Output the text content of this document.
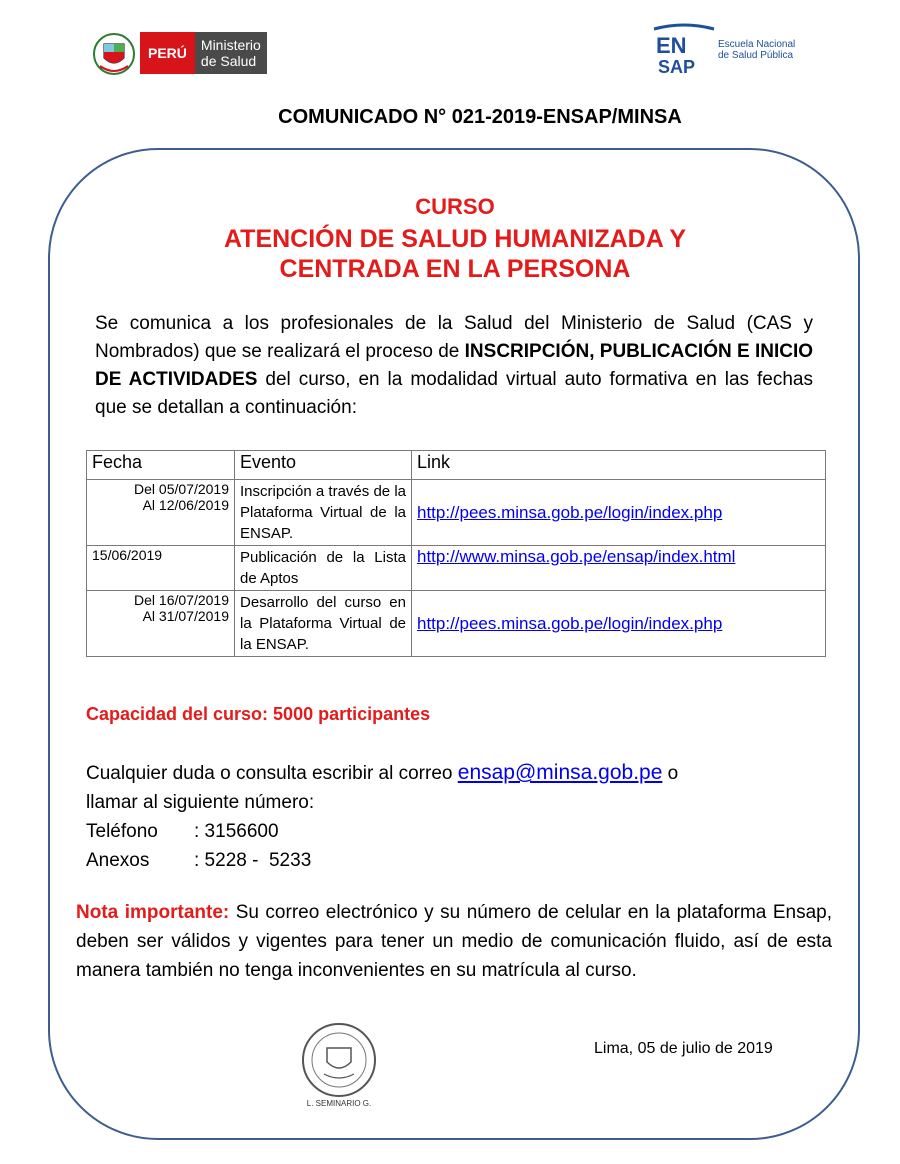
PERÚ	Ministerio
de Salud
EN
SAP
Escuela Nacional
de Salud Pública
COMUNICADO N° 021-2019-ENSAP/MINSA
CURSO
ATENCIÓN DE SALUD HUMANIZADA Y
CENTRADA EN LA PERSONA
Se comunica a los profesionales de la Salud del Ministerio de Salud (CAS y Nombrados) que se realizará el proceso de INSCRIPCIÓN, PUBLICACIÓN E INICIO DE ACTIVIDADES del curso, en la modalidad virtual auto formativa en las fechas que se detallan a continuación:
Fecha	Evento	Link

Del 05/07/2019
Al 12/06/2019	Inscripción a través de la Plataforma Virtual de la ENSAP.	http://pees.minsa.gob.pe/login/index.php

15/06/2019	Publicación de la Lista de Aptos	http://www.minsa.gob.pe/ensap/index.html

Del 16/07/2019
Al 31/07/2019	Desarrollo del curso en la Plataforma Virtual de la ENSAP.	http://pees.minsa.gob.pe/login/index.php
Capacidad del curso: 5000 participantes
Cualquier duda o consulta escribir al correo ensap@minsa.gob.pe o
llamar al siguiente número:
Teléfono : 3156600
Anexos : 5228 -  5233
Nota importante: Su correo electrónico y su número de celular en la plataforma Ensap, deben ser válidos y vigentes para tener un medio de comunicación fluido, así de esta manera también no tenga inconvenientes en su matrícula al curso.
L. SEMINARIO G.
Lima, 05 de julio de 2019
